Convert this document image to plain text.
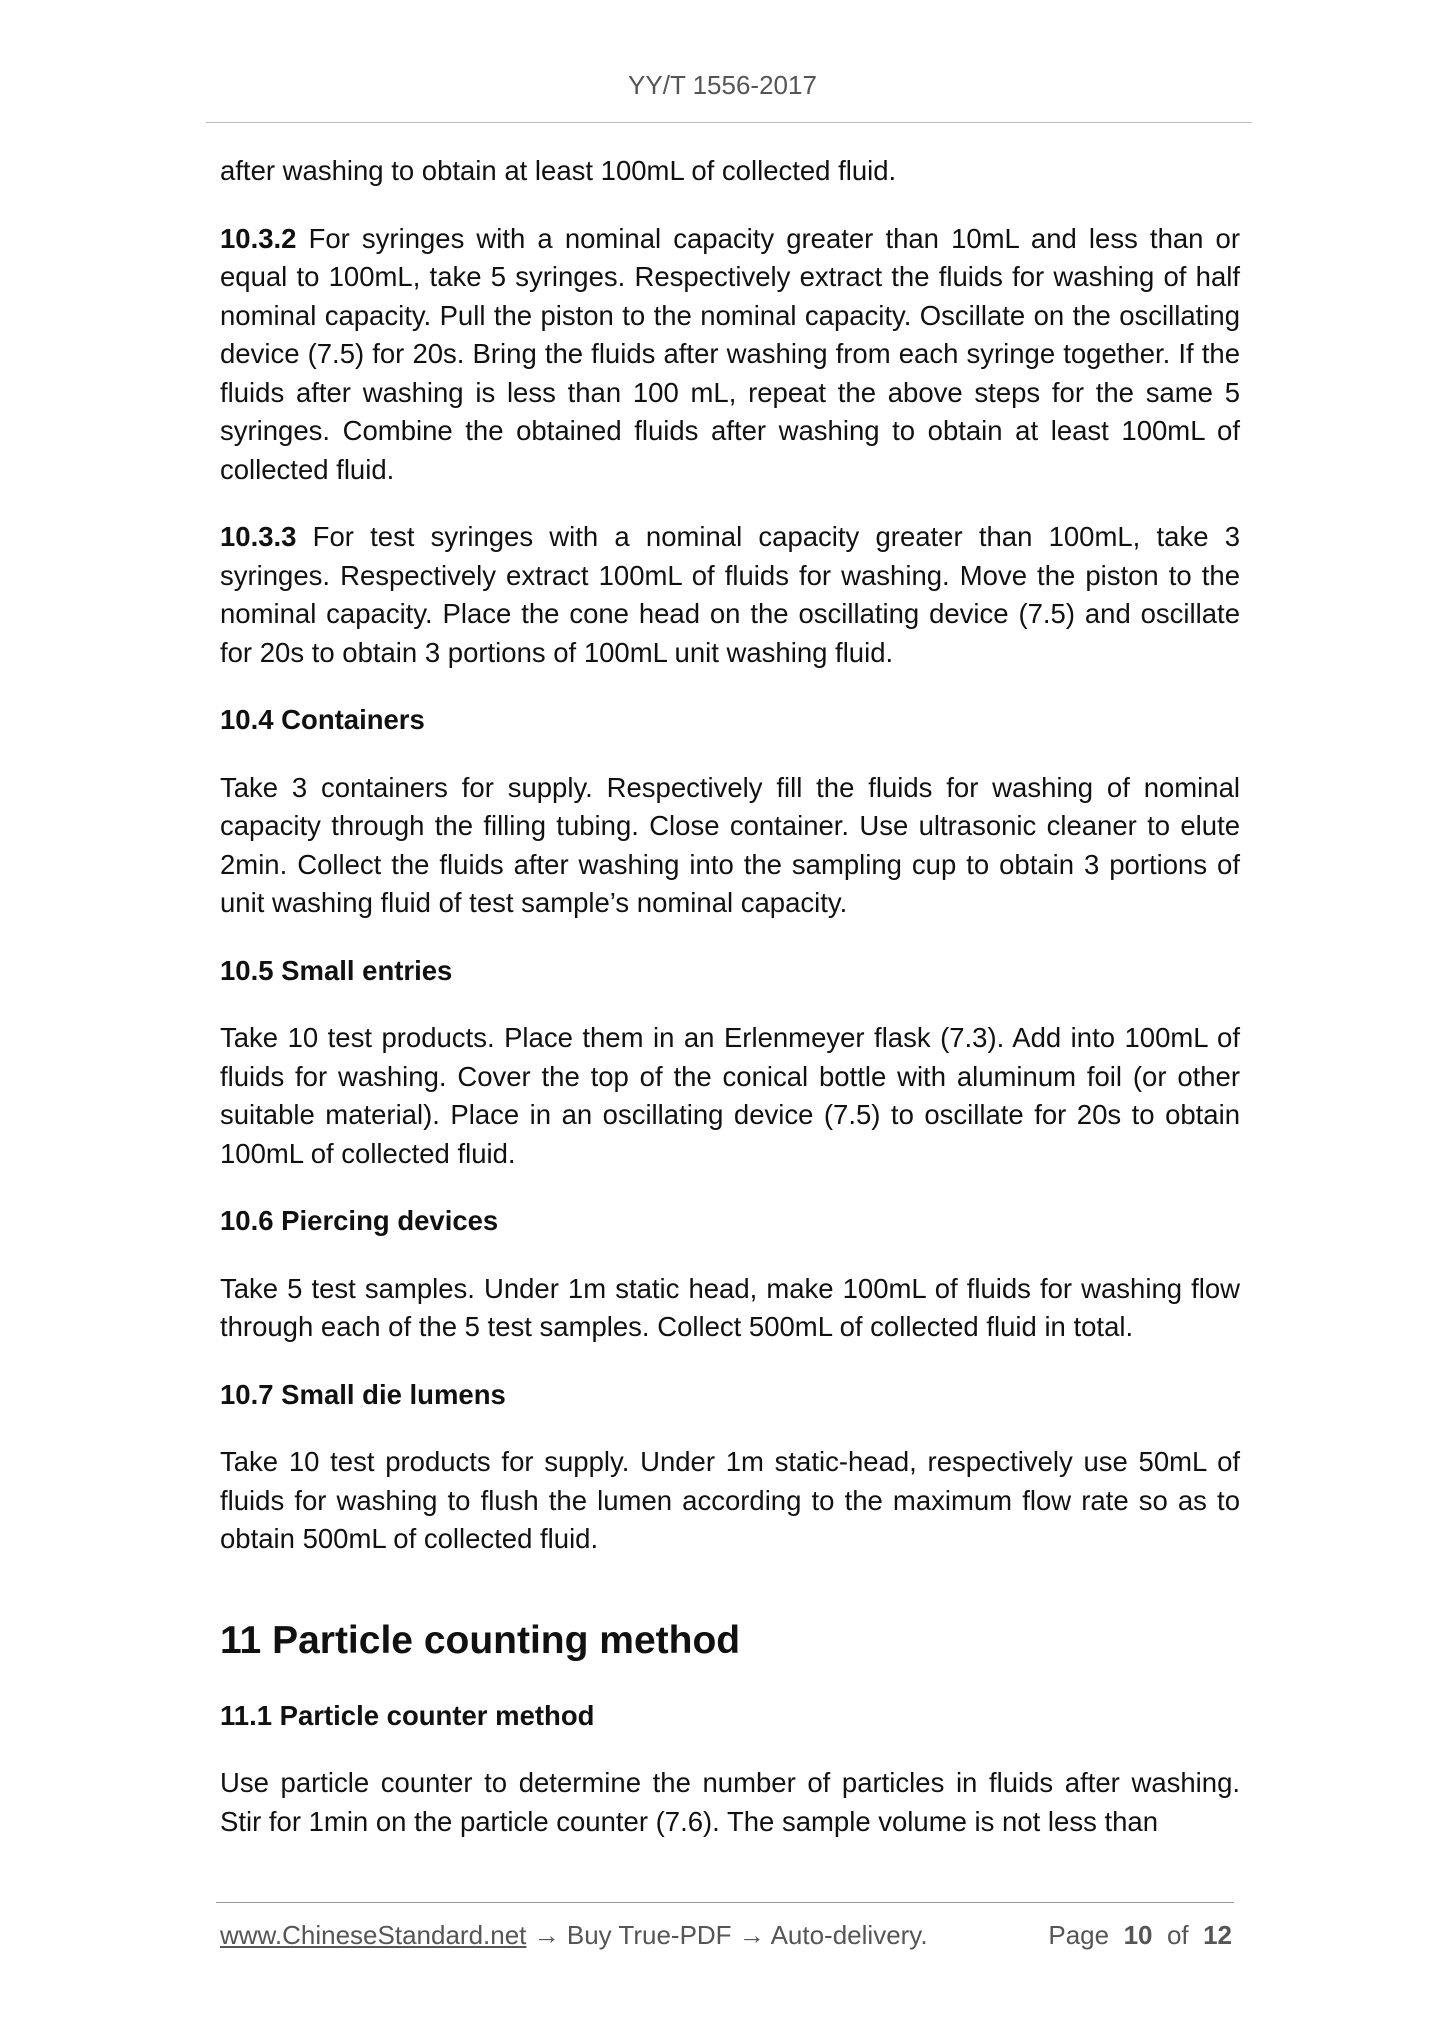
YY/T 1556-2017

after washing to obtain at least 100mL of collected fluid.

10.3.2 For syringes with a nominal capacity greater than 10mL and less than or equal to 100mL, take 5 syringes. Respectively extract the fluids for washing of half nominal capacity. Pull the piston to the nominal capacity. Oscillate on the oscillating device (7.5) for 20s. Bring the fluids after washing from each syringe together. If the fluids after washing is less than 100 mL, repeat the above steps for the same 5 syringes. Combine the obtained fluids after washing to obtain at least 100mL of collected fluid.

10.3.3 For test syringes with a nominal capacity greater than 100mL, take 3 syringes. Respectively extract 100mL of fluids for washing. Move the piston to the nominal capacity. Place the cone head on the oscillating device (7.5) and oscillate for 20s to obtain 3 portions of 100mL unit washing fluid.

10.4 Containers

Take 3 containers for supply. Respectively fill the fluids for washing of nominal capacity through the filling tubing. Close container. Use ultrasonic cleaner to elute 2min. Collect the fluids after washing into the sampling cup to obtain 3 portions of unit washing fluid of test sample’s nominal capacity.

10.5 Small entries

Take 10 test products. Place them in an Erlenmeyer flask (7.3). Add into 100mL of fluids for washing. Cover the top of the conical bottle with aluminum foil (or other suitable material). Place in an oscillating device (7.5) to oscillate for 20s to obtain 100mL of collected fluid.

10.6 Piercing devices

Take 5 test samples. Under 1m static head, make 100mL of fluids for washing flow through each of the 5 test samples. Collect 500mL of collected fluid in total.

10.7 Small die lumens

Take 10 test products for supply. Under 1m static-head, respectively use 50mL of fluids for washing to flush the lumen according to the maximum flow rate so as to obtain 500mL of collected fluid.

11 Particle counting method
11.1 Particle counter method

Use particle counter to determine the number of particles in fluids after washing. Stir for 1min on the particle counter (7.6). The sample volume is not less than

www.ChineseStandard.net → Buy True-PDF → Auto-delivery.	Page 10 of 12
